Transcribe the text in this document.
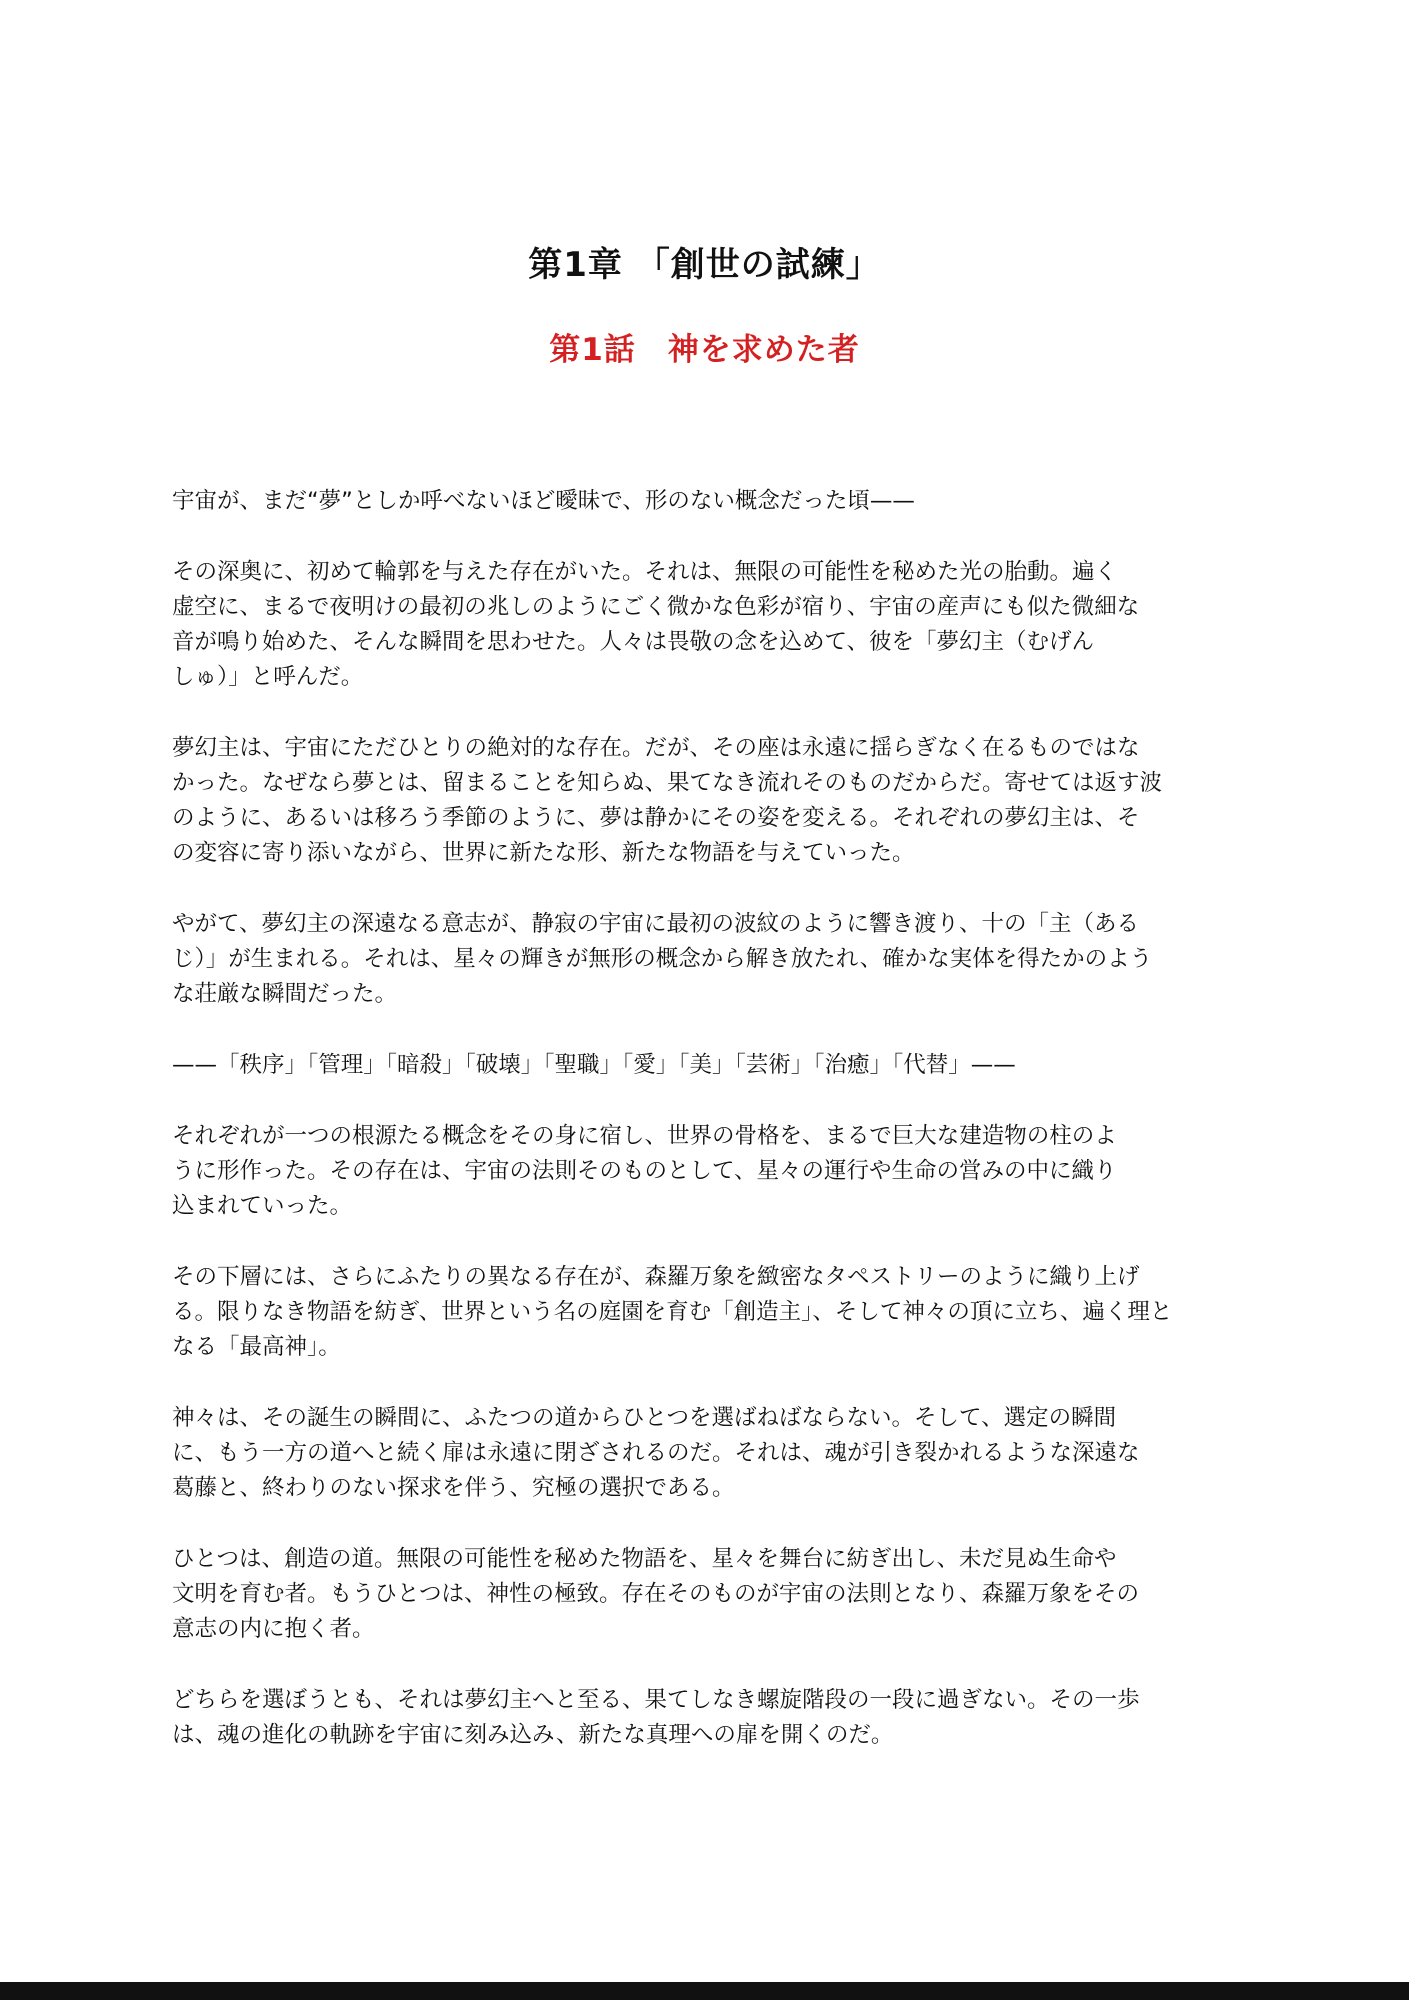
第1章 「創世の試練」
第1話　神を求めた者

宇宙が、まだ“夢”としか呼べないほど曖昧で、形のない概念だった頃——

その深奥に、初めて輪郭を与えた存在がいた。それは、無限の可能性を秘めた光の胎動。遍く
虚空に、まるで夜明けの最初の兆しのようにごく微かな色彩が宿り、宇宙の産声にも似た微細な
音が鳴り始めた、そんな瞬間を思わせた。人々は畏敬の念を込めて、彼を「夢幻主（むげん
しゅ）」と呼んだ。

夢幻主は、宇宙にただひとりの絶対的な存在。だが、その座は永遠に揺らぎなく在るものではな
かった。なぜなら夢とは、留まることを知らぬ、果てなき流れそのものだからだ。寄せては返す波
のように、あるいは移ろう季節のように、夢は静かにその姿を変える。それぞれの夢幻主は、そ
の変容に寄り添いながら、世界に新たな形、新たな物語を与えていった。

やがて、夢幻主の深遠なる意志が、静寂の宇宙に最初の波紋のように響き渡り、十の「主（ある
じ）」が生まれる。それは、星々の輝きが無形の概念から解き放たれ、確かな実体を得たかのよう
な荘厳な瞬間だった。

——「秩序」「管理」「暗殺」「破壊」「聖職」「愛」「美」「芸術」「治癒」「代替」——

それぞれが一つの根源たる概念をその身に宿し、世界の骨格を、まるで巨大な建造物の柱のよ
うに形作った。その存在は、宇宙の法則そのものとして、星々の運行や生命の営みの中に織り
込まれていった。

その下層には、さらにふたりの異なる存在が、森羅万象を緻密なタペストリーのように織り上げ
る。限りなき物語を紡ぎ、世界という名の庭園を育む「創造主」、そして神々の頂に立ち、遍く理と
なる「最高神」。

神々は、その誕生の瞬間に、ふたつの道からひとつを選ばねばならない。そして、選定の瞬間
に、もう一方の道へと続く扉は永遠に閉ざされるのだ。それは、魂が引き裂かれるような深遠な
葛藤と、終わりのない探求を伴う、究極の選択である。

ひとつは、創造の道。無限の可能性を秘めた物語を、星々を舞台に紡ぎ出し、未だ見ぬ生命や
文明を育む者。もうひとつは、神性の極致。存在そのものが宇宙の法則となり、森羅万象をその
意志の内に抱く者。

どちらを選ぼうとも、それは夢幻主へと至る、果てしなき螺旋階段の一段に過ぎない。その一歩
は、魂の進化の軌跡を宇宙に刻み込み、新たな真理への扉を開くのだ。
